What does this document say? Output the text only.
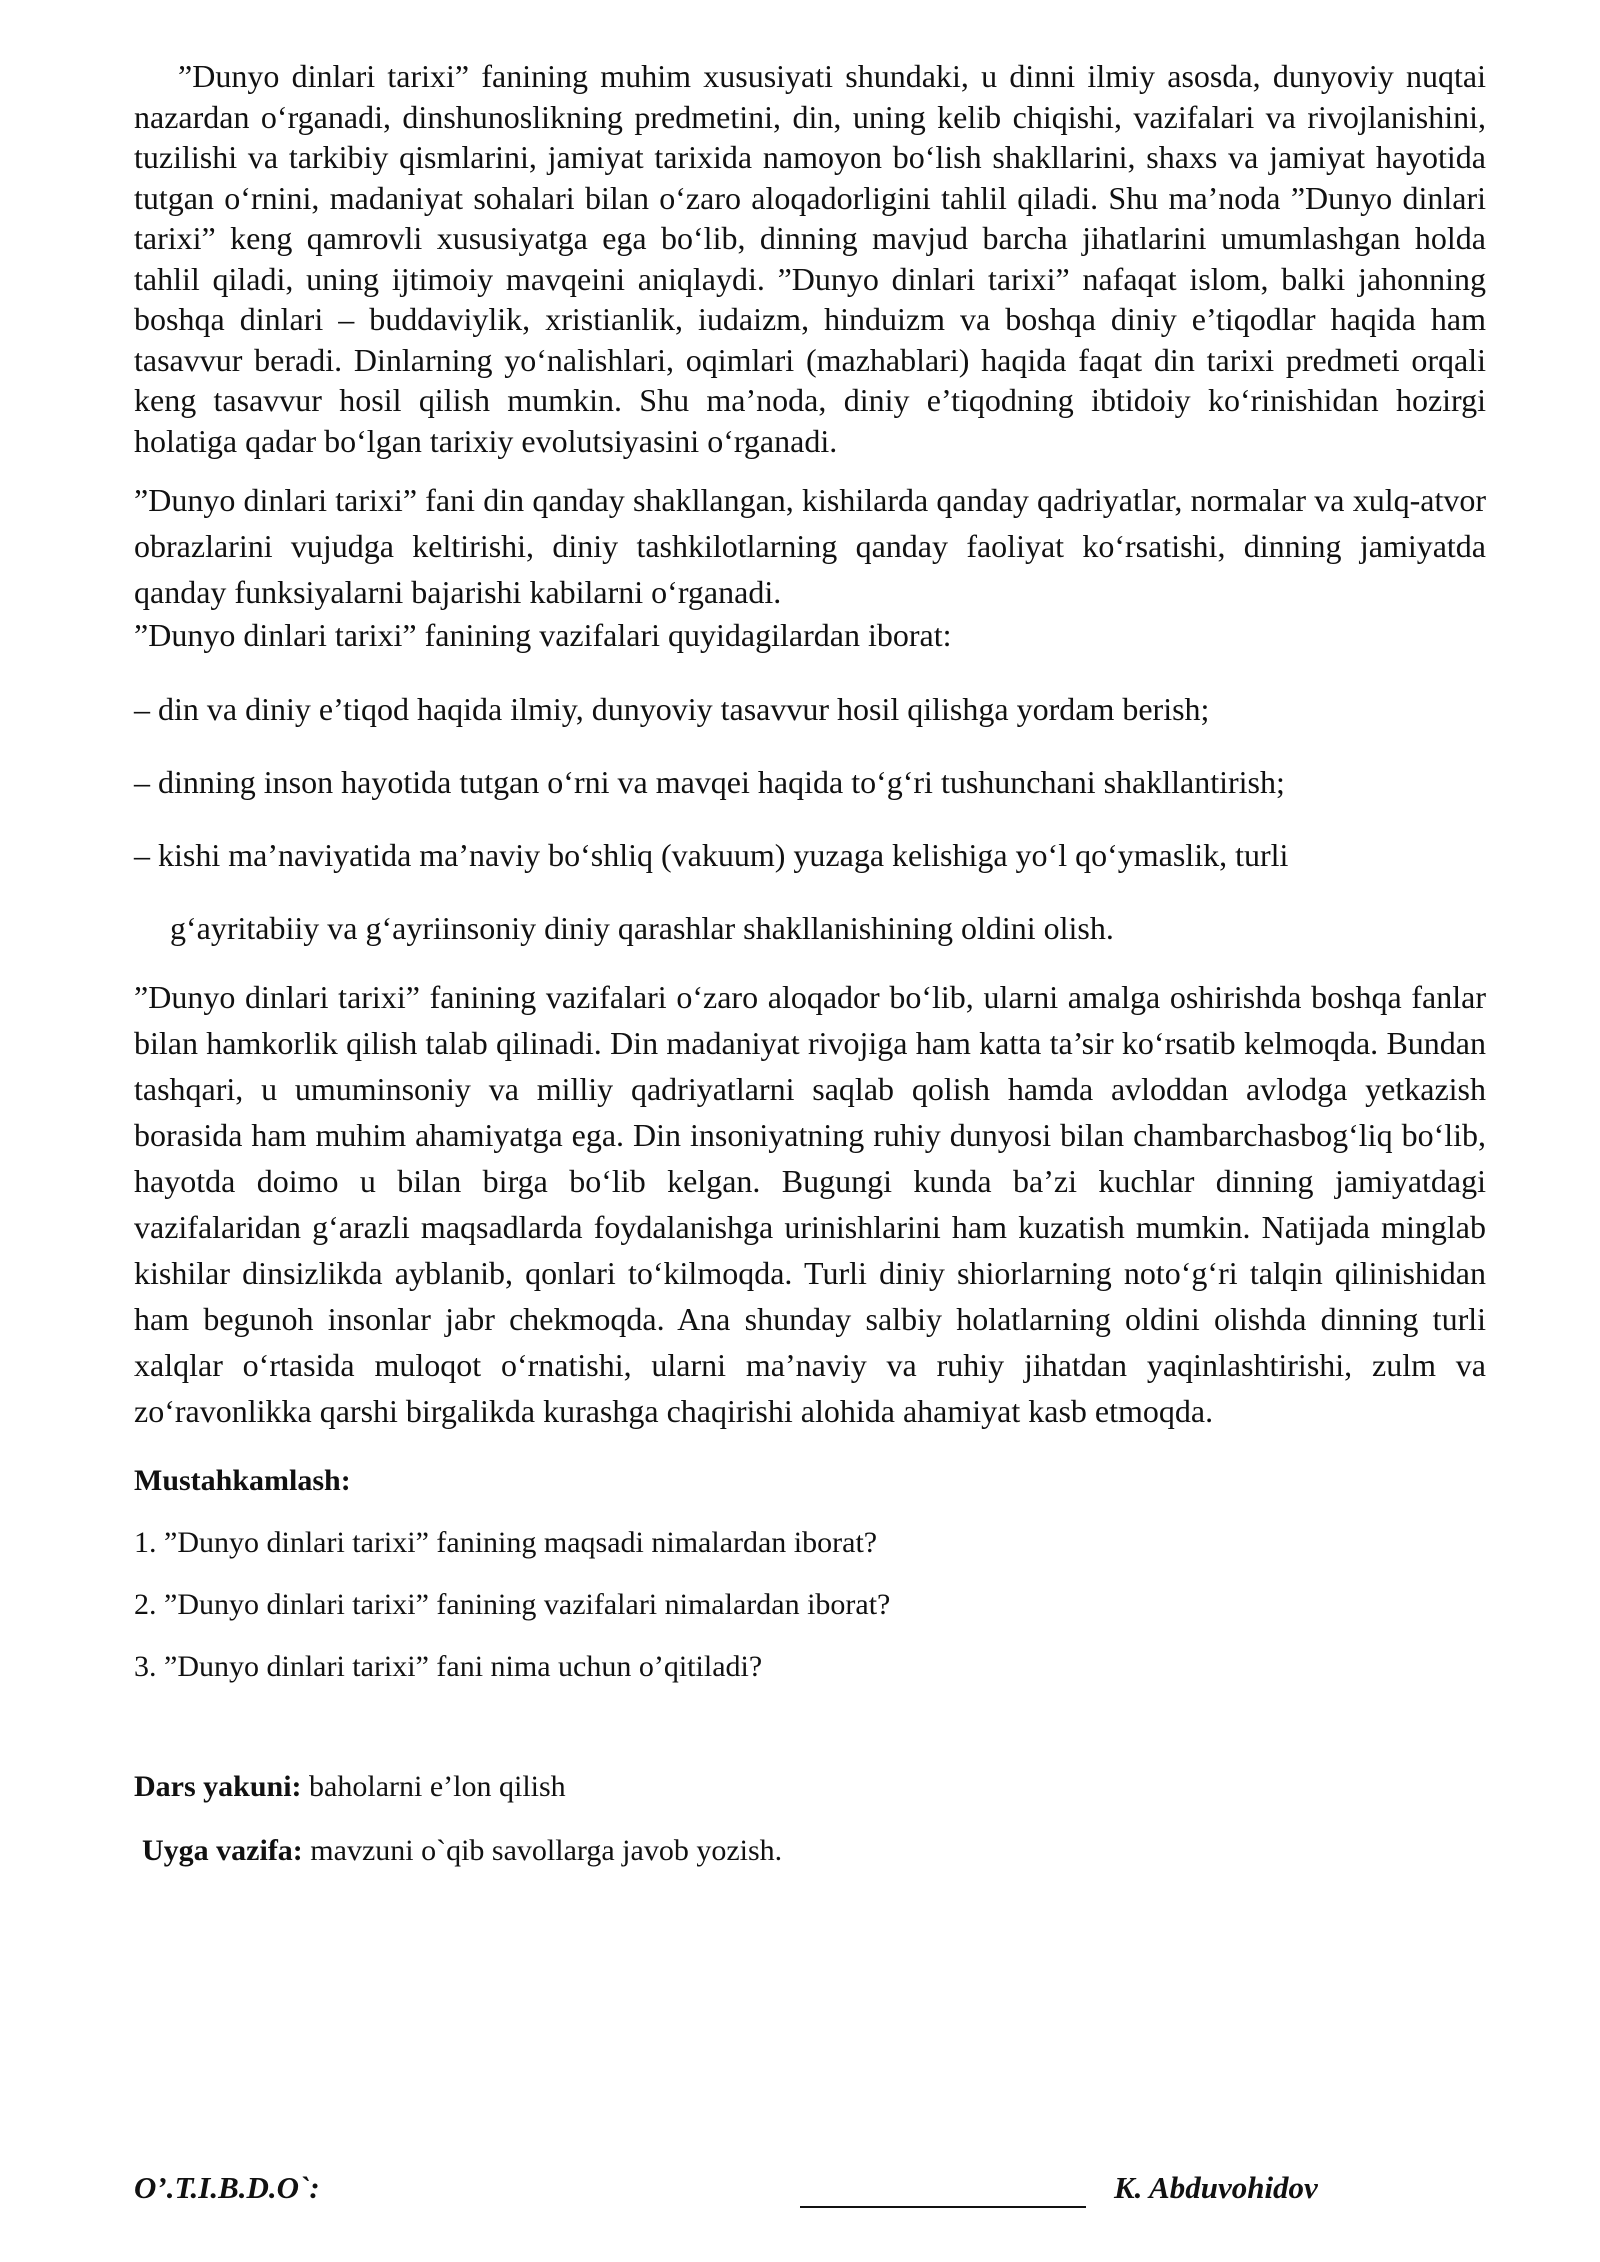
”Dunyo dinlari tarixi” fanining muhim xususiyati shundaki, u dinni ilmiy asosda, dunyoviy nuqtai nazardan o‘rganadi, dinshunoslikning predmetini, din, uning kelib chiqishi, vazifalari va rivojlanishini, tuzilishi va tarkibiy qismlarini, jamiyat tarixida namoyon bo‘lish shakllarini, shaxs va jamiyat hayotida tutgan o‘rnini, madaniyat sohalari bilan o‘zaro aloqadorligini tahlil qiladi. Shu ma’noda ”Dunyo dinlari tarixi” keng qamrovli xususiyatga ega bo‘lib, dinning mavjud barcha jihatlarini umumlashgan holda tahlil qiladi, uning ijtimoiy mavqeini aniqlaydi. ”Dunyo dinlari tarixi” nafaqat islom, balki jahonning boshqa dinlari – buddaviylik, xristianlik, iudaizm, hinduizm va boshqa diniy e’tiqodlar haqida ham tasavvur beradi. Dinlarning yo‘nalishlari, oqimlari (mazhablari) haqida faqat din tarixi predmeti orqali keng tasavvur hosil qilish mumkin. Shu ma’noda, diniy e’tiqodning ibtidoiy ko‘rinishidan hozirgi holatiga qadar bo‘lgan tarixiy evolutsiyasini o‘rganadi.

”Dunyo dinlari tarixi” fani din qanday shakllangan, kishilarda qanday qadriyatlar, normalar va xulq-atvor obrazlarini vujudga keltirishi, diniy tashkilotlarning qanday faoliyat ko‘rsatishi, dinning jamiyatda qanday funksiyalarni bajarishi kabilarni o‘rganadi.

”Dunyo dinlari tarixi” fanining vazifalari quyidagilardan iborat:

– din va diniy e’tiqod haqida ilmiy, dunyoviy tasavvur hosil qilishga yordam berish;

– dinning inson hayotida tutgan o‘rni va mavqei haqida to‘g‘ri tushunchani shakllantirish;

– kishi ma’naviyatida ma’naviy bo‘shliq (vakuum) yuzaga kelishiga yo‘l qo‘ymaslik, turli

g‘ayritabiiy va g‘ayriinsoniy diniy qarashlar shakllanishining oldini olish.

”Dunyo dinlari tarixi” fanining vazifalari o‘zaro aloqador bo‘lib, ularni amalga oshirishda boshqa fanlar bilan hamkorlik qilish talab qilinadi. Din madaniyat rivojiga ham katta ta’sir ko‘rsatib kelmoqda. Bundan tashqari, u umuminsoniy va milliy qadriyatlarni saqlab qolish hamda avloddan avlodga yetkazish borasida ham muhim ahamiyatga ega. Din insoniyatning ruhiy dunyosi bilan chambarchasbog‘liq bo‘lib, hayotda doimo u bilan birga bo‘lib kelgan. Bugungi kunda ba’zi kuchlar dinning jamiyatdagi vazifalaridan g‘arazli maqsadlarda foydalanishga urinishlarini ham kuzatish mumkin. Natijada minglab kishilar dinsizlikda ayblanib, qonlari to‘kilmoqda. Turli diniy shiorlarning noto‘g‘ri talqin qilinishidan ham begunoh insonlar jabr chekmoqda. Ana shunday salbiy holatlarning oldini olishda dinning turli xalqlar o‘rtasida muloqot o‘rnatishi, ularni ma’naviy va ruhiy jihatdan yaqinlashtirishi, zulm va zo‘ravonlikka qarshi birgalikda kurashga chaqirishi alohida ahamiyat kasb etmoqda.

Mustahkamlash:

1. ”Dunyo dinlari tarixi” fanining maqsadi nimalardan iborat?

2. ”Dunyo dinlari tarixi” fanining vazifalari nimalardan iborat?

3. ”Dunyo dinlari tarixi” fani nima uchun o’qitiladi?

Dars yakuni: baholarni e’lon qilish

Uyga vazifa: mavzuni o`qib savollarga javob yozish.

O’.T.I.B.D.O`:	K. Abduvohidov
